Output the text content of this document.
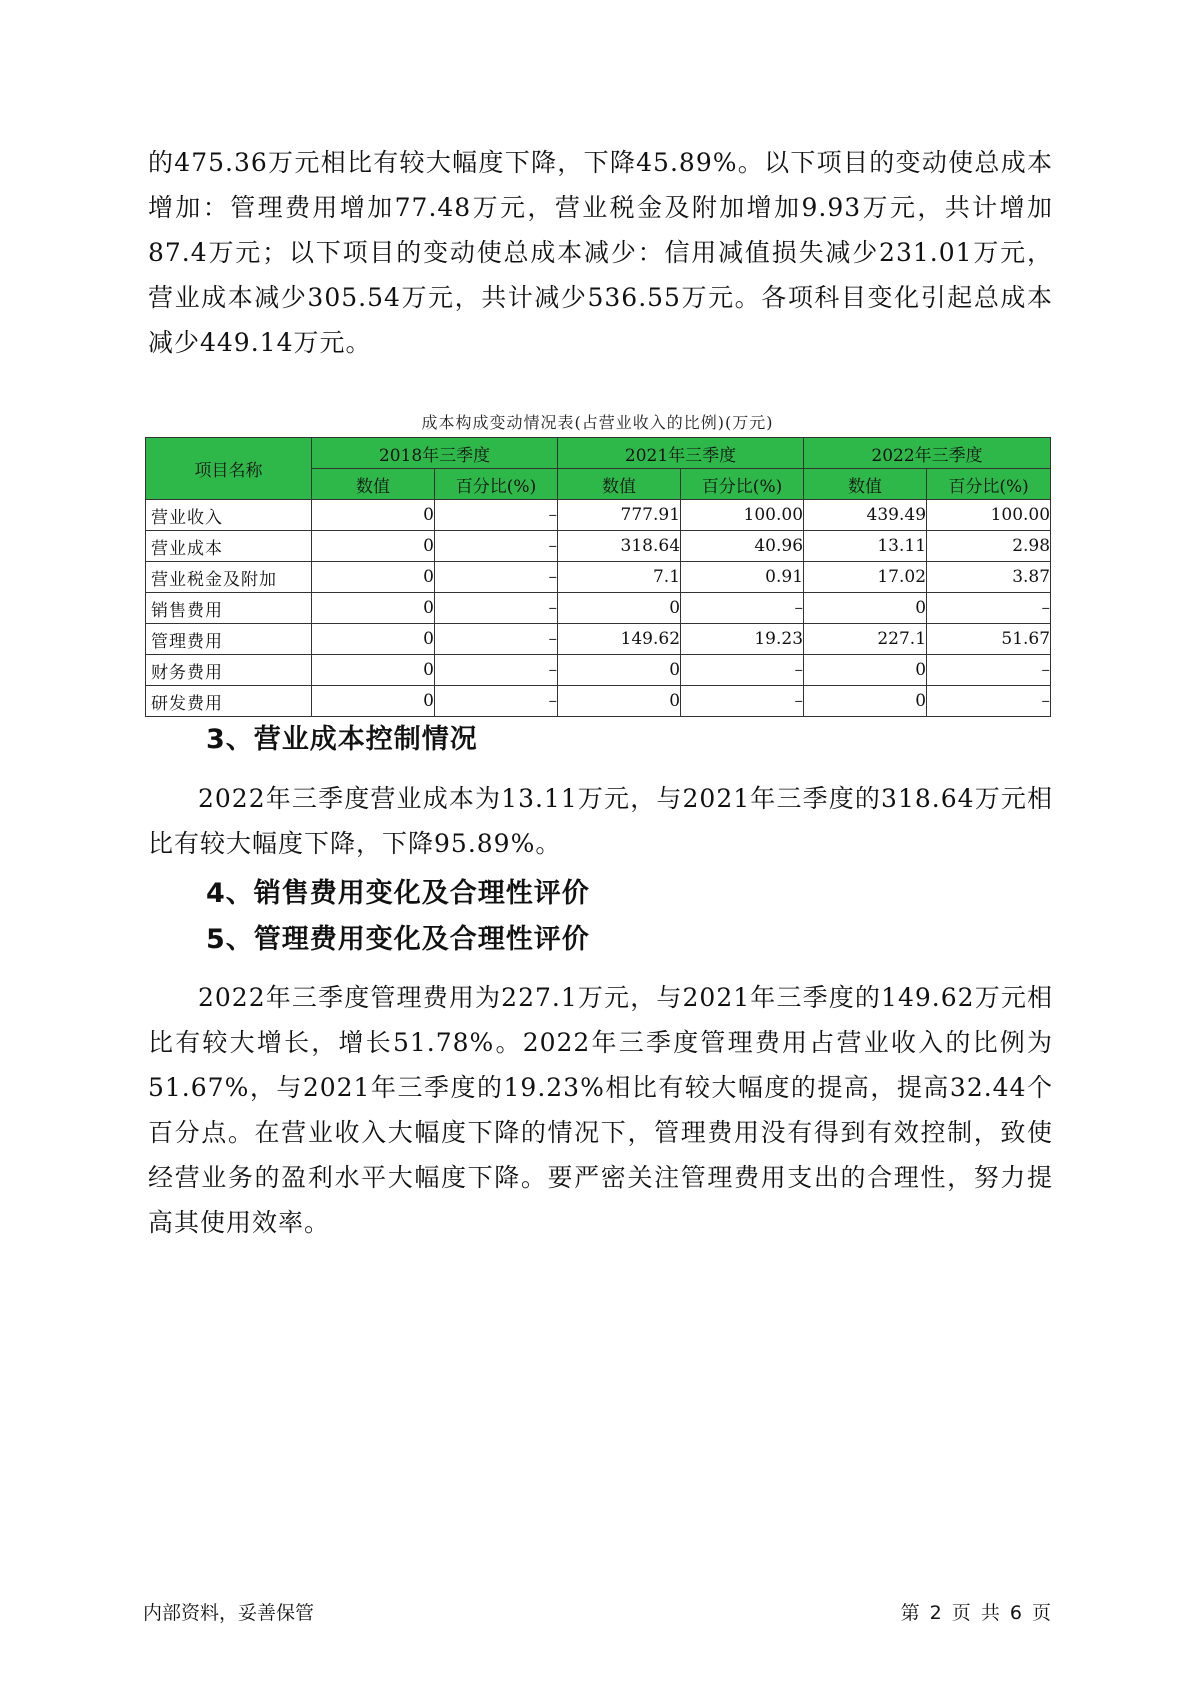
的475.36万元相比有较大幅度下降，下降45.89%。以下项目的变动使总成本增加：管理费用增加77.48万元，营业税金及附加增加9.93万元，共计增加87.4万元；以下项目的变动使总成本减少：信用减值损失减少231.01万元，营业成本减少305.54万元，共计减少536.55万元。各项科目变化引起总成本减少449.14万元。

成本构成变动情况表(占营业收入的比例)(万元)
项目名称	2018年三季度		2021年三季度		2022年三季度	
	数值	百分比(%)	数值	百分比(%)	数值	百分比(%)
营业收入	0	–	777.91	100.00	439.49	100.00
营业成本	0	–	318.64	40.96	13.11	2.98
营业税金及附加	0	–	7.1	0.91	17.02	3.87
销售费用	0	–	0	–	0	–
管理费用	0	–	149.62	19.23	227.1	51.67
财务费用	0	–	0	–	0	–
研发费用	0	–	0	–	0	–
3、营业成本控制情况

2022年三季度营业成本为13.11万元，与2021年三季度的318.64万元相比有较大幅度下降，下降95.89%。

4、销售费用变化及合理性评价
5、管理费用变化及合理性评价

2022年三季度管理费用为227.1万元，与2021年三季度的149.62万元相比有较大增长，增长51.78%。2022年三季度管理费用占营业收入的比例为51.67%，与2021年三季度的19.23%相比有较大幅度的提高，提高32.44个百分点。在营业收入大幅度下降的情况下，管理费用没有得到有效控制，致使经营业务的盈利水平大幅度下降。要严密关注管理费用支出的合理性，努力提高其使用效率。

内部资料，妥善保管	第 2 页 共 6 页
